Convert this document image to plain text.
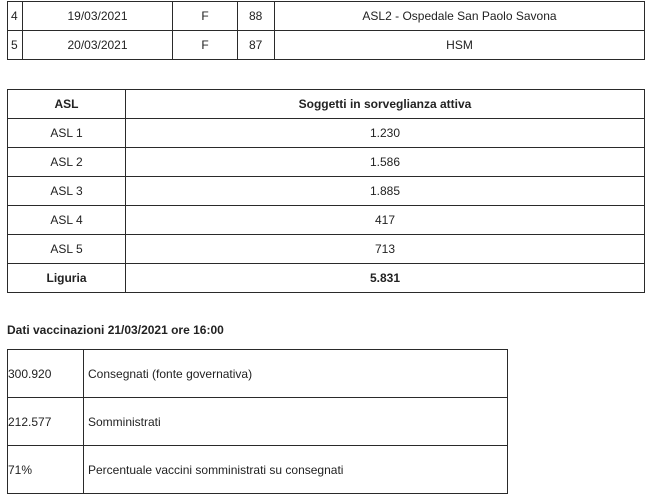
4	19/03/2021	F	88	ASL2 - Ospedale San Paolo Savona
5	20/03/2021	F	87	HSM
ASL	Soggetti in sorveglianza attiva
ASL 1	1.230
ASL 2	1.586
ASL 3	1.885
ASL 4	417
ASL 5	713
Liguria	5.831

Dati vaccinazioni 21/03/2021 ore 16:00

300.920	Consegnati (fonte governativa)
212.577	Somministrati
71%	Percentuale vaccini somministrati su consegnati
